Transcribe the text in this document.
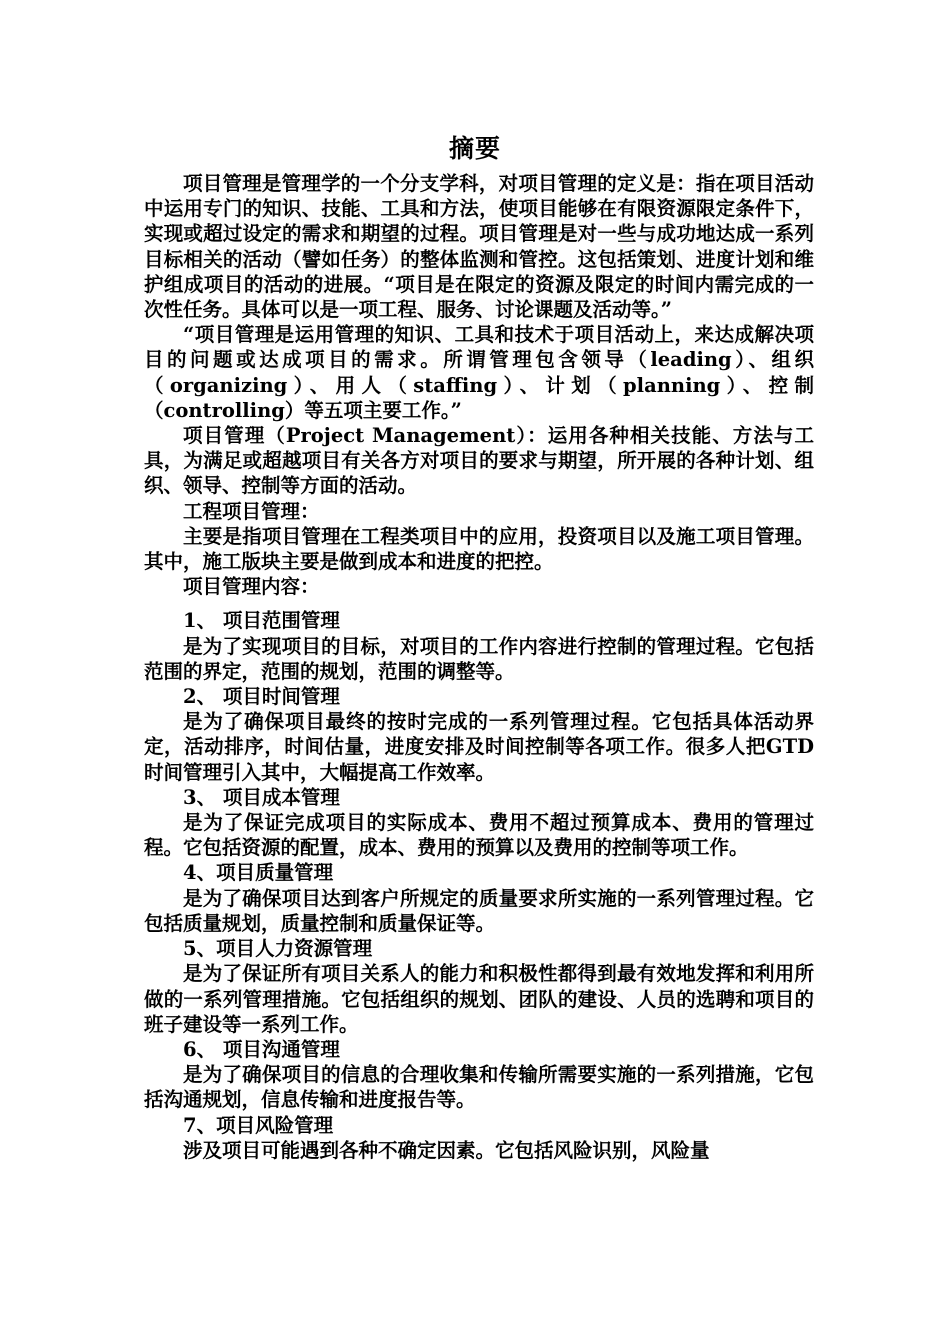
摘要

项目管理是管理学的一个分支学科，对项目管理的定义是：指在项目活动中运用专门的知识、技能、工具和方法，使项目能够在有限资源限定条件下，实现或超过设定的需求和期望的过程。项目管理是对一些与成功地达成一系列目标相关的活动（譬如任务）的整体监测和管控。这包括策划、进度计划和维护组成项目的活动的进展。“项目是在限定的资源及限定的时间内需完成的一次性任务。具体可以是一项工程、服务、讨论课题及活动等。”

“项目管理是运用管理的知识、工具和技术于项目活动上，来达成解决项目的问题或达成项目的需求。所谓管理包含领导（leading）、组织（organizing）、用人（staffing）、计划（planning）、控制（controlling）等五项主要工作。”

项目管理（Project Management）：运用各种相关技能、方法与工具，为满足或超越项目有关各方对项目的要求与期望，所开展的各种计划、组织、领导、控制等方面的活动。

工程项目管理：

主要是指项目管理在工程类项目中的应用，投资项目以及施工项目管理。其中，施工版块主要是做到成本和进度的把控。

项目管理内容：

1、 项目范围管理

是为了实现项目的目标，对项目的工作内容进行控制的管理过程。它包括范围的界定，范围的规划，范围的调整等。

2、 项目时间管理

是为了确保项目最终的按时完成的一系列管理过程。它包括具体活动界定，活动排序，时间估量，进度安排及时间控制等各项工作。很多人把GTD时间管理引入其中，大幅提高工作效率。

3、 项目成本管理

是为了保证完成项目的实际成本、费用不超过预算成本、费用的管理过程。它包括资源的配置，成本、费用的预算以及费用的控制等项工作。

4、项目质量管理

是为了确保项目达到客户所规定的质量要求所实施的一系列管理过程。它包括质量规划，质量控制和质量保证等。

5、项目人力资源管理

是为了保证所有项目关系人的能力和积极性都得到最有效地发挥和利用所做的一系列管理措施。它包括组织的规划、团队的建设、人员的选聘和项目的班子建设等一系列工作。

6、 项目沟通管理

是为了确保项目的信息的合理收集和传输所需要实施的一系列措施，它包括沟通规划，信息传输和进度报告等。

7、项目风险管理

涉及项目可能遇到各种不确定因素。它包括风险识别，风险量
